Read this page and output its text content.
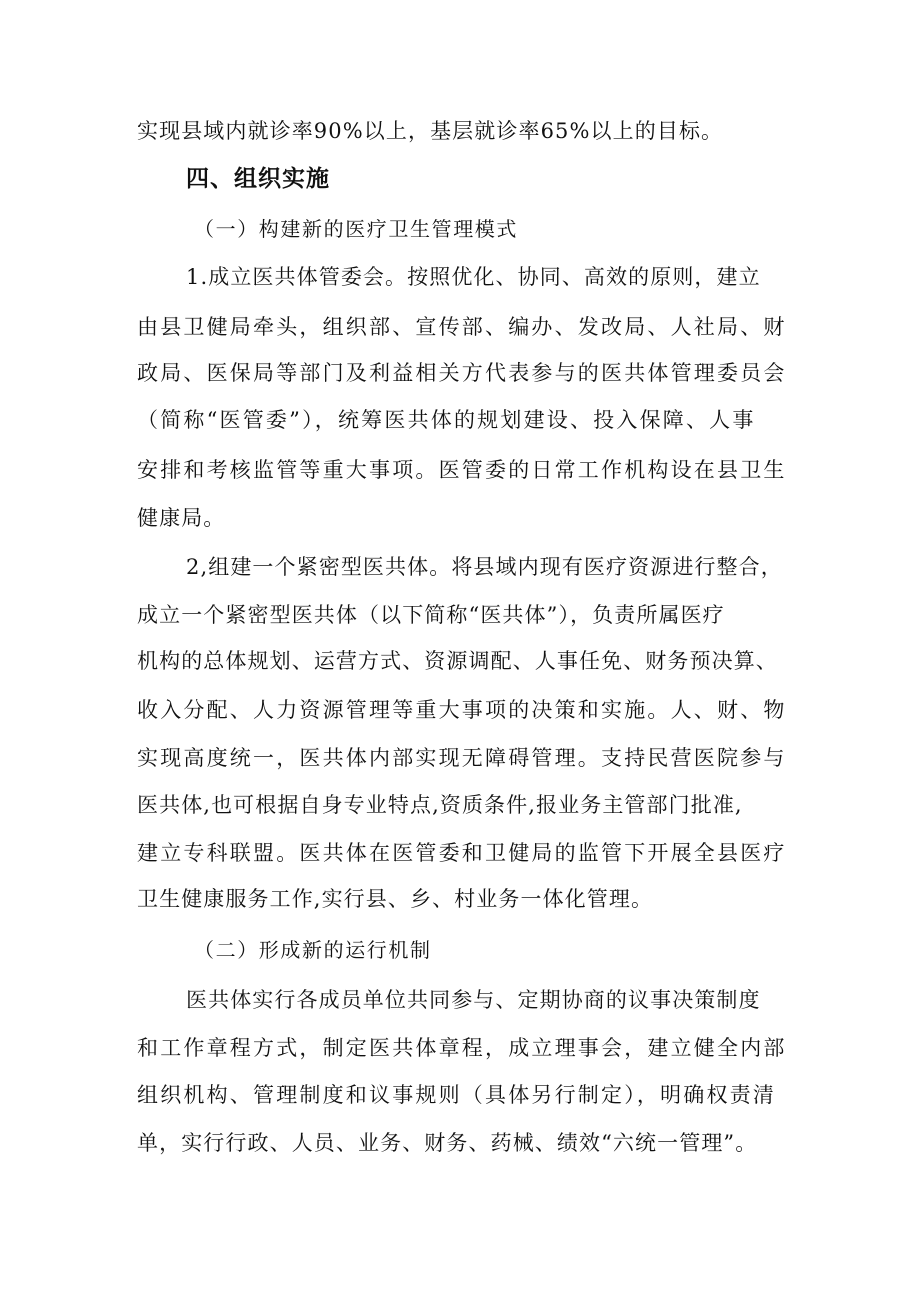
实现县域内就诊率90%以上，基层就诊率65%以上的目标。
四、组织实施
（一）构建新的医疗卫生管理模式
1.成立医共体管委会。按照优化、协同、高效的原则，建立
由县卫健局牵头，组织部、宣传部、编办、发改局、人社局、财
政局、医保局等部门及利益相关方代表参与的医共体管理委员会
（简称“医管委”），统筹医共体的规划建设、投入保障、人事
安排和考核监管等重大事项。医管委的日常工作机构设在县卫生
健康局。
2,组建一个紧密型医共体。将县域内现有医疗资源进行整合，
成立一个紧密型医共体（以下简称“医共体”），负责所属医疗
机构的总体规划、运营方式、资源调配、人事任免、财务预决算、
收入分配、人力资源管理等重大事项的决策和实施。人、财、物
实现高度统一，医共体内部实现无障碍管理。支持民营医院参与
医共体,也可根据自身专业特点,资质条件,报业务主管部门批准,
建立专科联盟。医共体在医管委和卫健局的监管下开展全县医疗
卫生健康服务工作,实行县、乡、村业务一体化管理。
（二）形成新的运行机制
医共体实行各成员单位共同参与、定期协商的议事决策制度
和工作章程方式，制定医共体章程，成立理事会，建立健全内部
组织机构、管理制度和议事规则（具体另行制定），明确权责清
单，实行行政、人员、业务、财务、药械、绩效“六统一管理”。
